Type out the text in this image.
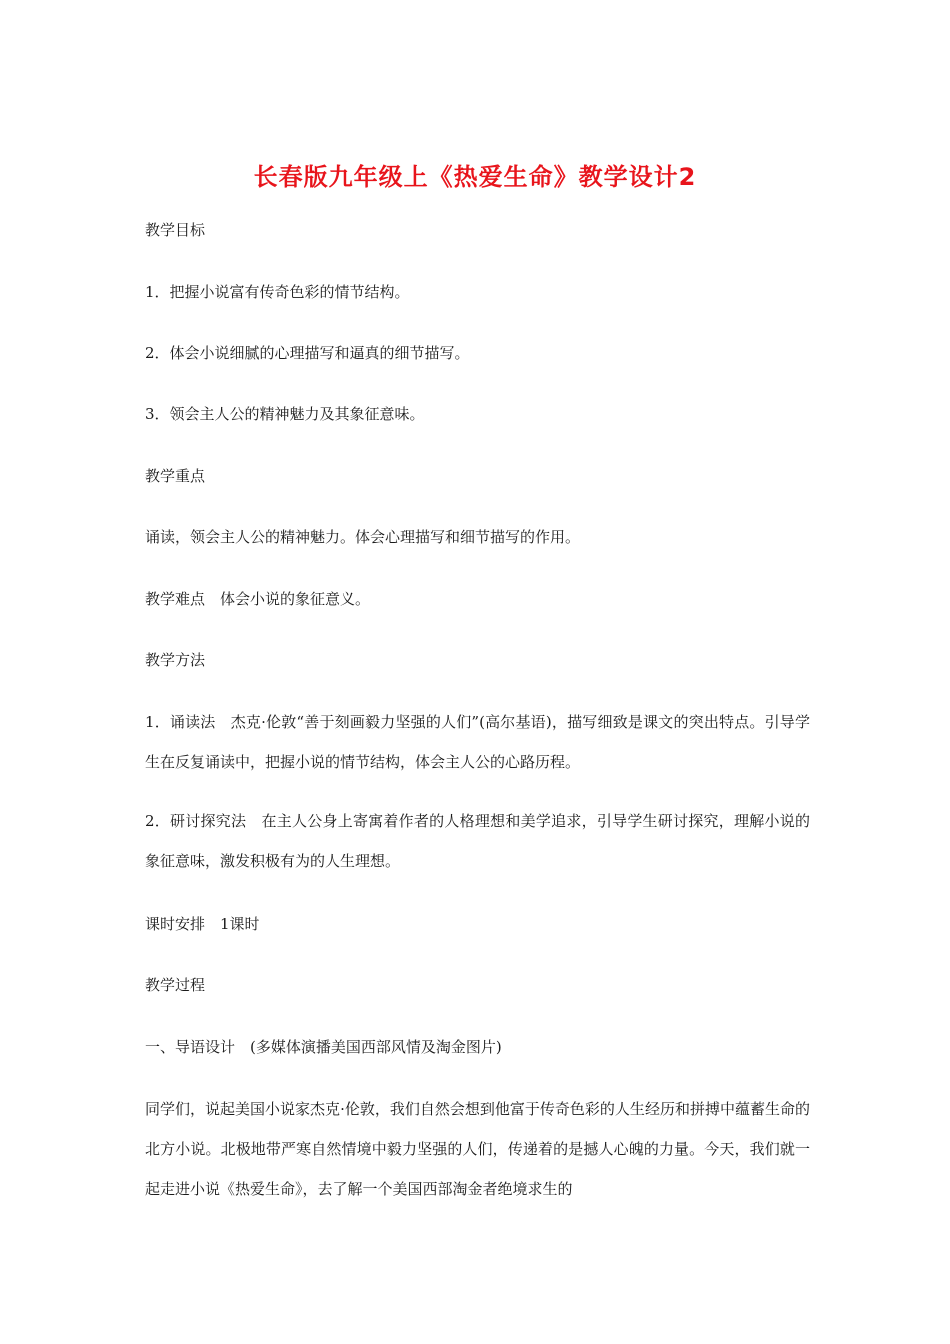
长春版九年级上《热爱生命》教学设计2
教学目标
1．把握小说富有传奇色彩的情节结构。
2．体会小说细腻的心理描写和逼真的细节描写。
3．领会主人公的精神魅力及其象征意味。
教学重点
诵读，领会主人公的精神魅力。体会心理描写和细节描写的作用。
教学难点　体会小说的象征意义。
教学方法
1．诵读法　杰克·伦敦“善于刻画毅力坚强的人们”(高尔基语)，描写细致是课文的突出特点。引导学生在反复诵读中，把握小说的情节结构，体会主人公的心路历程。
2．研讨探究法　在主人公身上寄寓着作者的人格理想和美学追求，引导学生研讨探究，理解小说的象征意味，激发积极有为的人生理想。
课时安排　1课时
教学过程
一、导语设计　(多媒体演播美国西部风情及淘金图片)
同学们，说起美国小说家杰克·伦敦，我们自然会想到他富于传奇色彩的人生经历和拼搏中蕴蓄生命的北方小说。北极地带严寒自然情境中毅力坚强的人们，传递着的是撼人心魄的力量。今天，我们就一起走进小说《热爱生命》，去了解一个美国西部淘金者绝境求生的
